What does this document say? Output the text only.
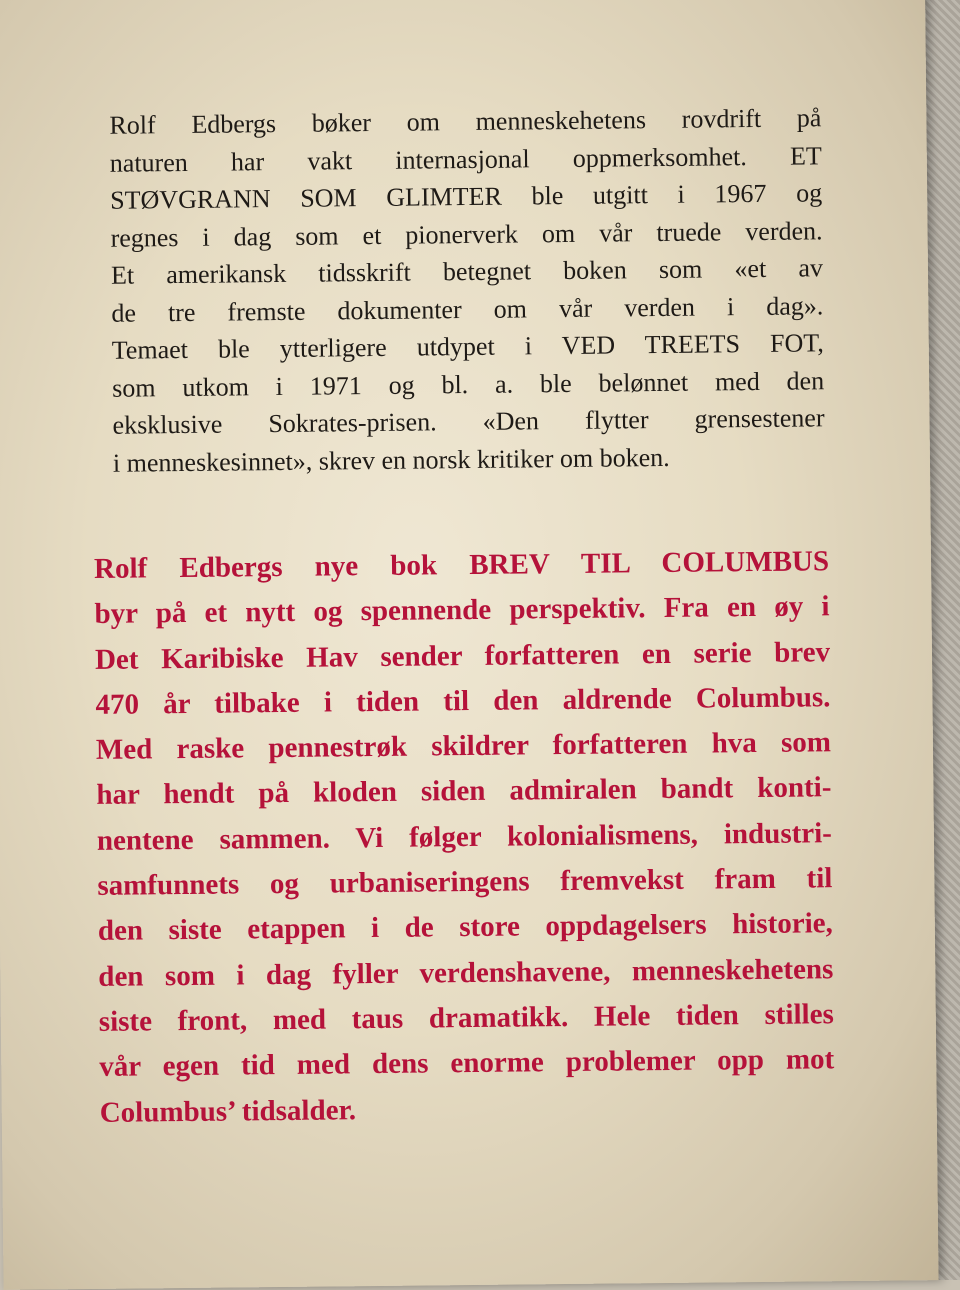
Rolf Edbergs bøker om menneskehetens rovdrift på
naturen har vakt internasjonal oppmerksomhet. ET
STØVGRANN SOM GLIMTER ble utgitt i 1967 og
regnes i dag som et pionerverk om vår truede verden.
Et amerikansk tidsskrift betegnet boken som «et av
de tre fremste dokumenter om vår verden i dag».
Temaet ble ytterligere utdypet i VED TREETS FOT,
som utkom i 1971 og bl. a. ble belønnet med den
eksklusive Sokrates-prisen. «Den flytter grensestener
i menneskesinnet», skrev en norsk kritiker om boken.
Rolf Edbergs nye bok BREV TIL COLUMBUS
byr på et nytt og spennende perspektiv. Fra en øy i
Det Karibiske Hav sender forfatteren en serie brev
470 år tilbake i tiden til den aldrende Columbus.
Med raske pennestrøk skildrer forfatteren hva som
har hendt på kloden siden admiralen bandt konti-
nentene sammen. Vi følger kolonialismens, industri-
samfunnets og urbaniseringens fremvekst fram til
den siste etappen i de store oppdagelsers historie,
den som i dag fyller verdenshavene, menneskehetens
siste front, med taus dramatikk. Hele tiden stilles
vår egen tid med dens enorme problemer opp mot
Columbus’ tidsalder.
